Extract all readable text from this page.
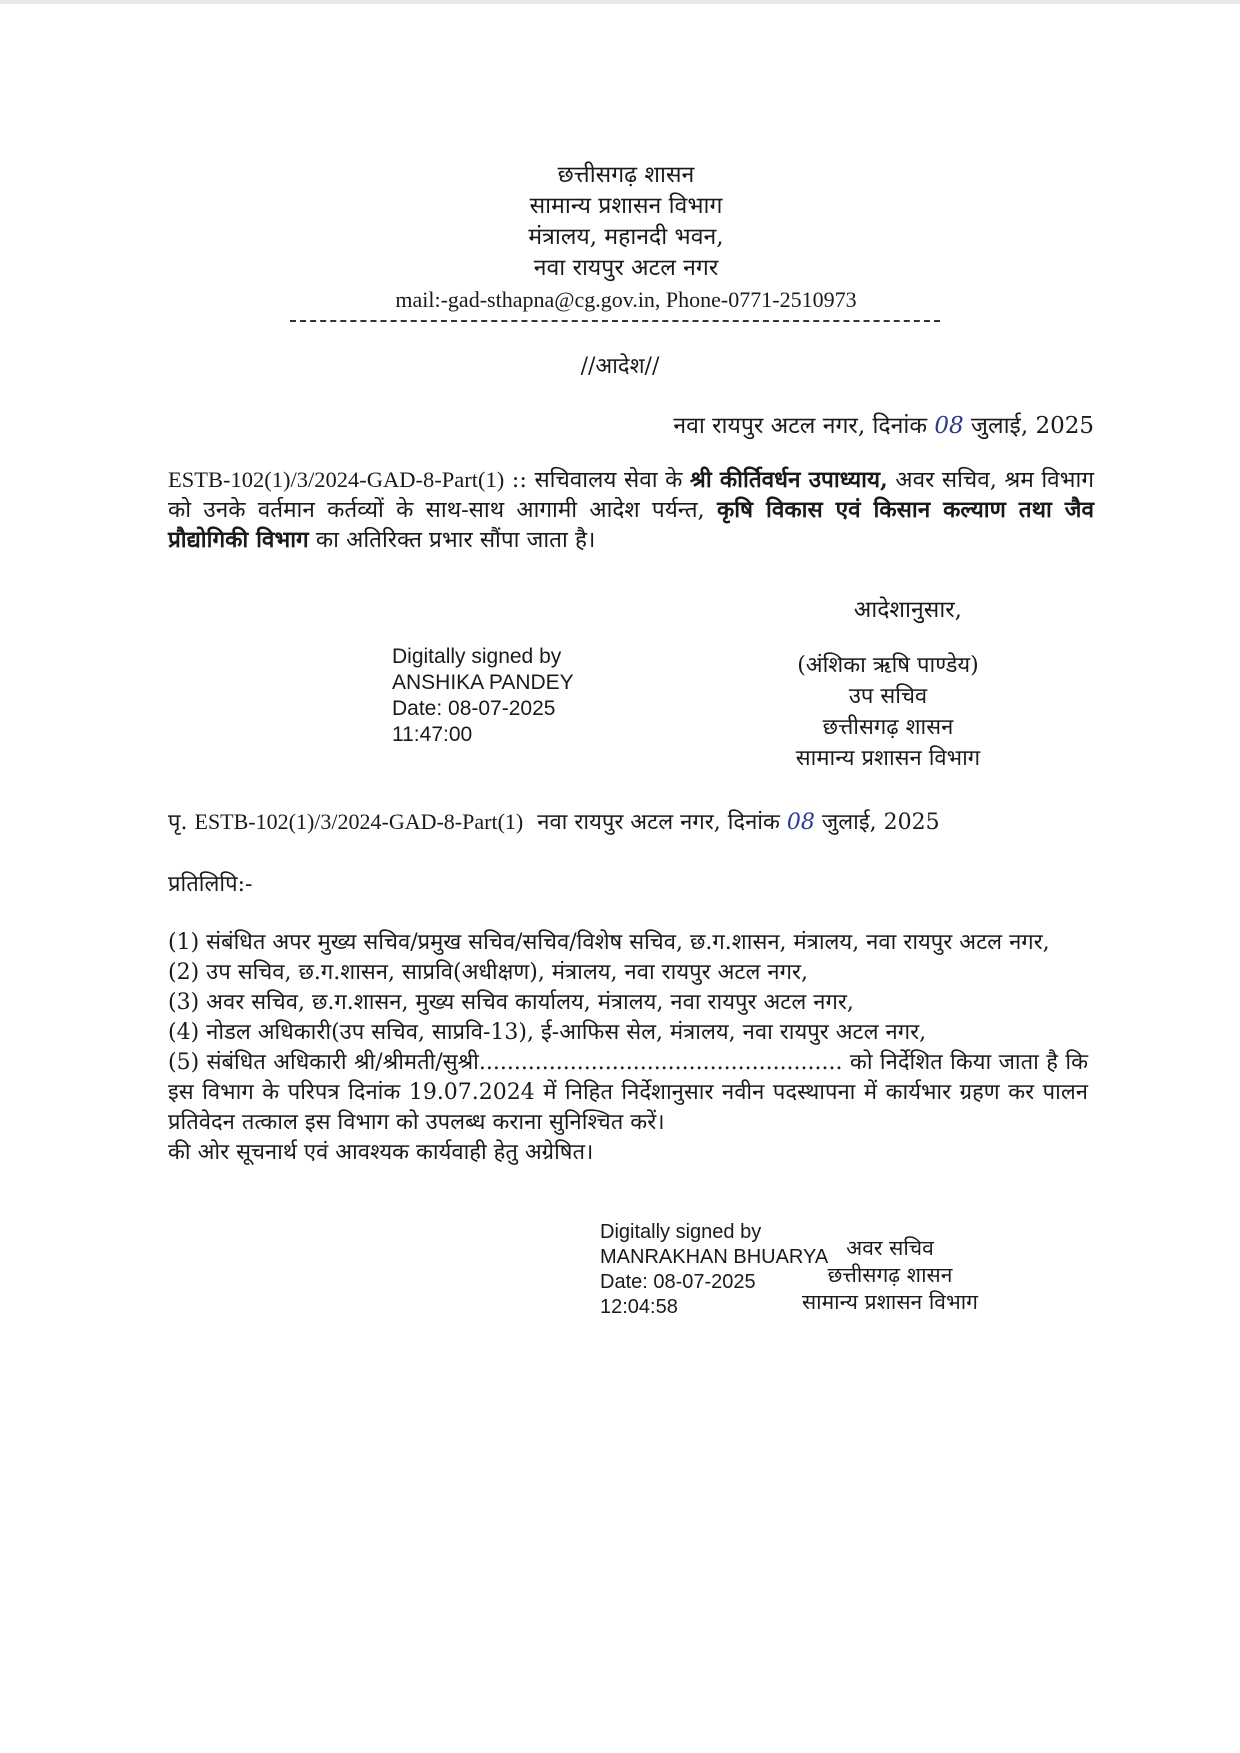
छत्तीसगढ़ शासन
सामान्य प्रशासन विभाग
मंत्रालय, महानदी भवन,
नवा रायपुर अटल नगर
mail:-gad-sthapna@cg.gov.in, Phone-0771-2510973
//आदेश//
नवा रायपुर अटल नगर, दिनांक 08 जुलाई, 2025
ESTB-102(1)/3/2024-GAD-8-Part(1) :: सचिवालय सेवा के श्री कीर्तिवर्धन उपाध्याय, अवर सचिव, श्रम विभाग को उनके वर्तमान कर्तव्यों के साथ-साथ आगामी आदेश पर्यन्त, कृषि विकास एवं किसान कल्याण तथा जैव प्रौद्योगिकी विभाग का अतिरिक्त प्रभार सौंपा जाता है।
आदेशानुसार,
Digitally signed by
ANSHIKA PANDEY
Date: 08-07-2025
11:47:00
(अंशिका ऋषि पाण्डेय)
उप सचिव
छत्तीसगढ़ शासन
सामान्य प्रशासन विभाग
पृ. ESTB-102(1)/3/2024-GAD-8-Part(1) नवा रायपुर अटल नगर, दिनांक 08 जुलाई, 2025
प्रतिलिपि:-
(1) संबंधित अपर मुख्य सचिव/प्रमुख सचिव/सचिव/विशेष सचिव, छ.ग.शासन, मंत्रालय, नवा रायपुर अटल नगर,
(2) उप सचिव, छ.ग.शासन, साप्रवि(अधीक्षण), मंत्रालय, नवा रायपुर अटल नगर,
(3) अवर सचिव, छ.ग.शासन, मुख्य सचिव कार्यालय, मंत्रालय, नवा रायपुर अटल नगर,
(4) नोडल अधिकारी(उप सचिव, साप्रवि-13), ई-आफिस सेल, मंत्रालय, नवा रायपुर अटल नगर,
(5) संबंधित अधिकारी श्री/श्रीमती/सुश्री.................................................... को निर्देशित किया जाता है कि इस विभाग के परिपत्र दिनांक 19.07.2024 में निहित निर्देशानुसार नवीन पदस्थापना में कार्यभार ग्रहण कर पालन प्रतिवेदन तत्काल इस विभाग को उपलब्ध कराना सुनिश्चित करें।
की ओर सूचनार्थ एवं आवश्यक कार्यवाही हेतु अग्रेषित।
Digitally signed by
MANRAKHAN BHUARYA
Date: 08-07-2025
12:04:58
अवर सचिव
छत्तीसगढ़ शासन
सामान्य प्रशासन विभाग
